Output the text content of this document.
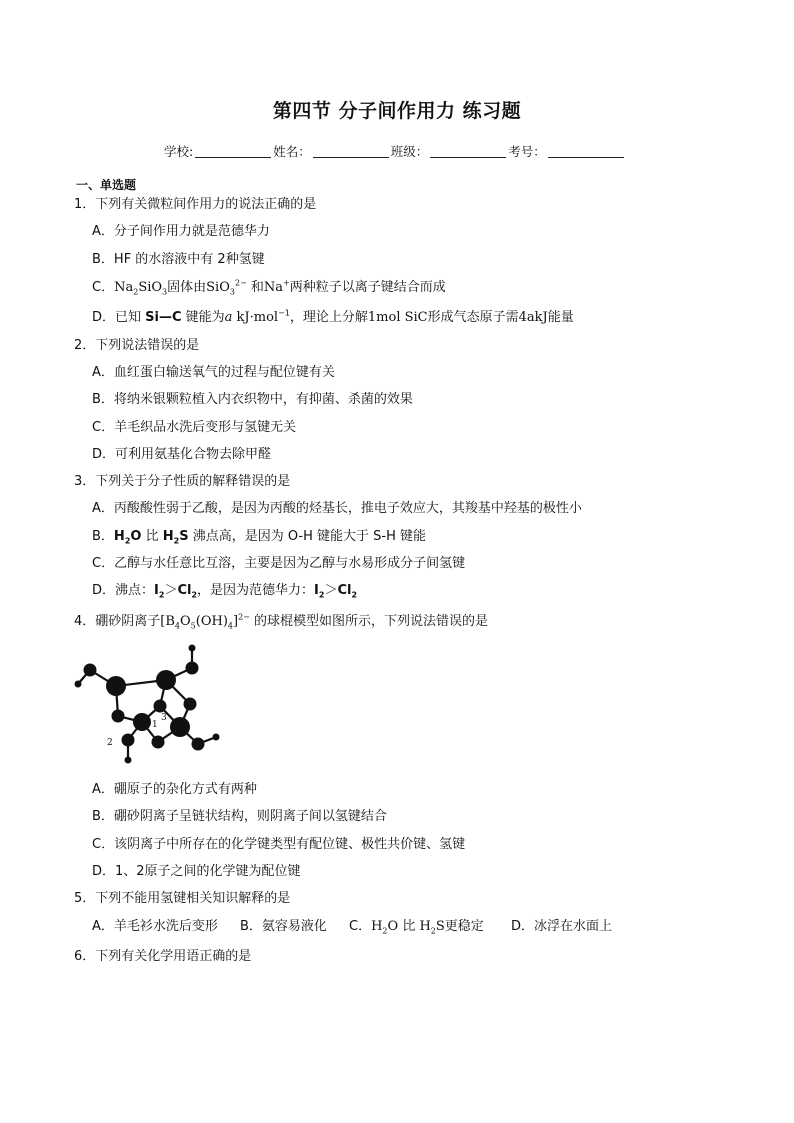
第四节 分子间作用力 练习题
学校:	姓名：	班级：	考号：
一、单选题
1．下列有关微粒间作用力的说法正确的是
A．分子间作用力就是范德华力
B．HF 的水溶液中有 2种氢键
C．$Na_2SiO_3$固体由SiO$_3^{2-}$ 和Na+两种粒子以离子键结合而成
D．已知 Si—C 键能为a kJ·mol$^{-1}$，理论上分解1mol SiC形成气态原子需4akJ能量
2．下列说法错误的是
A．血红蛋白输送氧气的过程与配位键有关
B．将纳米银颗粒植入内衣织物中，有抑菌、杀菌的效果
C．羊毛织品水洗后变形与氢键无关
D．可利用氨基化合物去除甲醛
3．下列关于分子性质的解释错误的是
A．丙酸酸性弱于乙酸，是因为丙酸的烃基长，推电子效应大，其羧基中羟基的极性小
B．$H_2O$ 比 $H_2S$ 沸点高，是因为 O-H 键能大于 S-H 键能
C．乙醇与水任意比互溶，主要是因为乙醇与水易形成分子间氢键
D．沸点：$I_2>Cl_2$，是因为范德华力：$I_2>Cl_2$
4．硼砂阴离子$[B_4O_5(OH)_4]^{2-}$ 的球棍模型如图所示，下列说法错误的是
1
3
2
A．硼原子的杂化方式有两种
B．硼砂阴离子呈链状结构，则阴离子间以氢键结合
C．该阴离子中所存在的化学键类型有配位键、极性共价键、氢键
D．1、2原子之间的化学键为配位键
5．下列不能用氢键相关知识解释的是
A．羊毛衫水洗后变形 B．氨容易液化 C．$H_2O$ 比 $H_2S$更稳定 D．冰浮在水面上
6．下列有关化学用语正确的是
